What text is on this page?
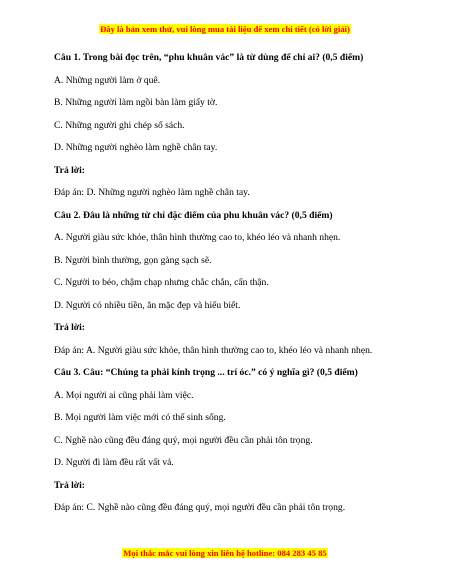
Đây là bản xem thử, vui lòng mua tài liệu để xem chi tiết (có lời giải)
Câu 1. Trong bài đọc trên, “phu khuân vác” là từ dùng để chỉ ai? (0,5 điểm)
A. Những người làm ở quê.
B. Những người làm ngồi bàn làm giấy tờ.
C. Những người ghi chép số sách.
D. Những người nghèo làm nghề chân tay.
Trả lời:
Đáp án: D. Những người nghèo làm nghề chân tay.
Câu 2. Đâu là những từ chỉ đặc điểm của phu khuân vác? (0,5 điểm)
A. Người giàu sức khỏe, thân hình thường cao to, khéo léo và nhanh nhẹn.
B. Người bình thường, gọn gàng sạch sẽ.
C. Người to béo, chậm chạp nhưng chắc chắn, cẩn thận.
D. Người có nhiều tiền, ăn mặc đẹp và hiểu biết.
Trả lời:
Đáp án: A. Người giàu sức khỏe, thân hình thường cao to, khéo léo và nhanh nhẹn.
Câu 3. Câu: “Chúng ta phải kính trọng ... trí óc.” có ý nghĩa gì? (0,5 điểm)
A. Mọi người ai cũng phải làm việc.
B. Mọi người làm việc mới có thể sinh sống.
C. Nghề nào cũng đều đáng quý, mọi người đều cần phải tôn trọng.
D. Người đi làm đều rất vất vả.
Trả lời:
Đáp án: C. Nghề nào cũng đều đáng quý, mọi người đều cần phải tôn trọng.
Mọi thắc mắc vui lòng xin liên hệ hotline: 084 283 45 85
